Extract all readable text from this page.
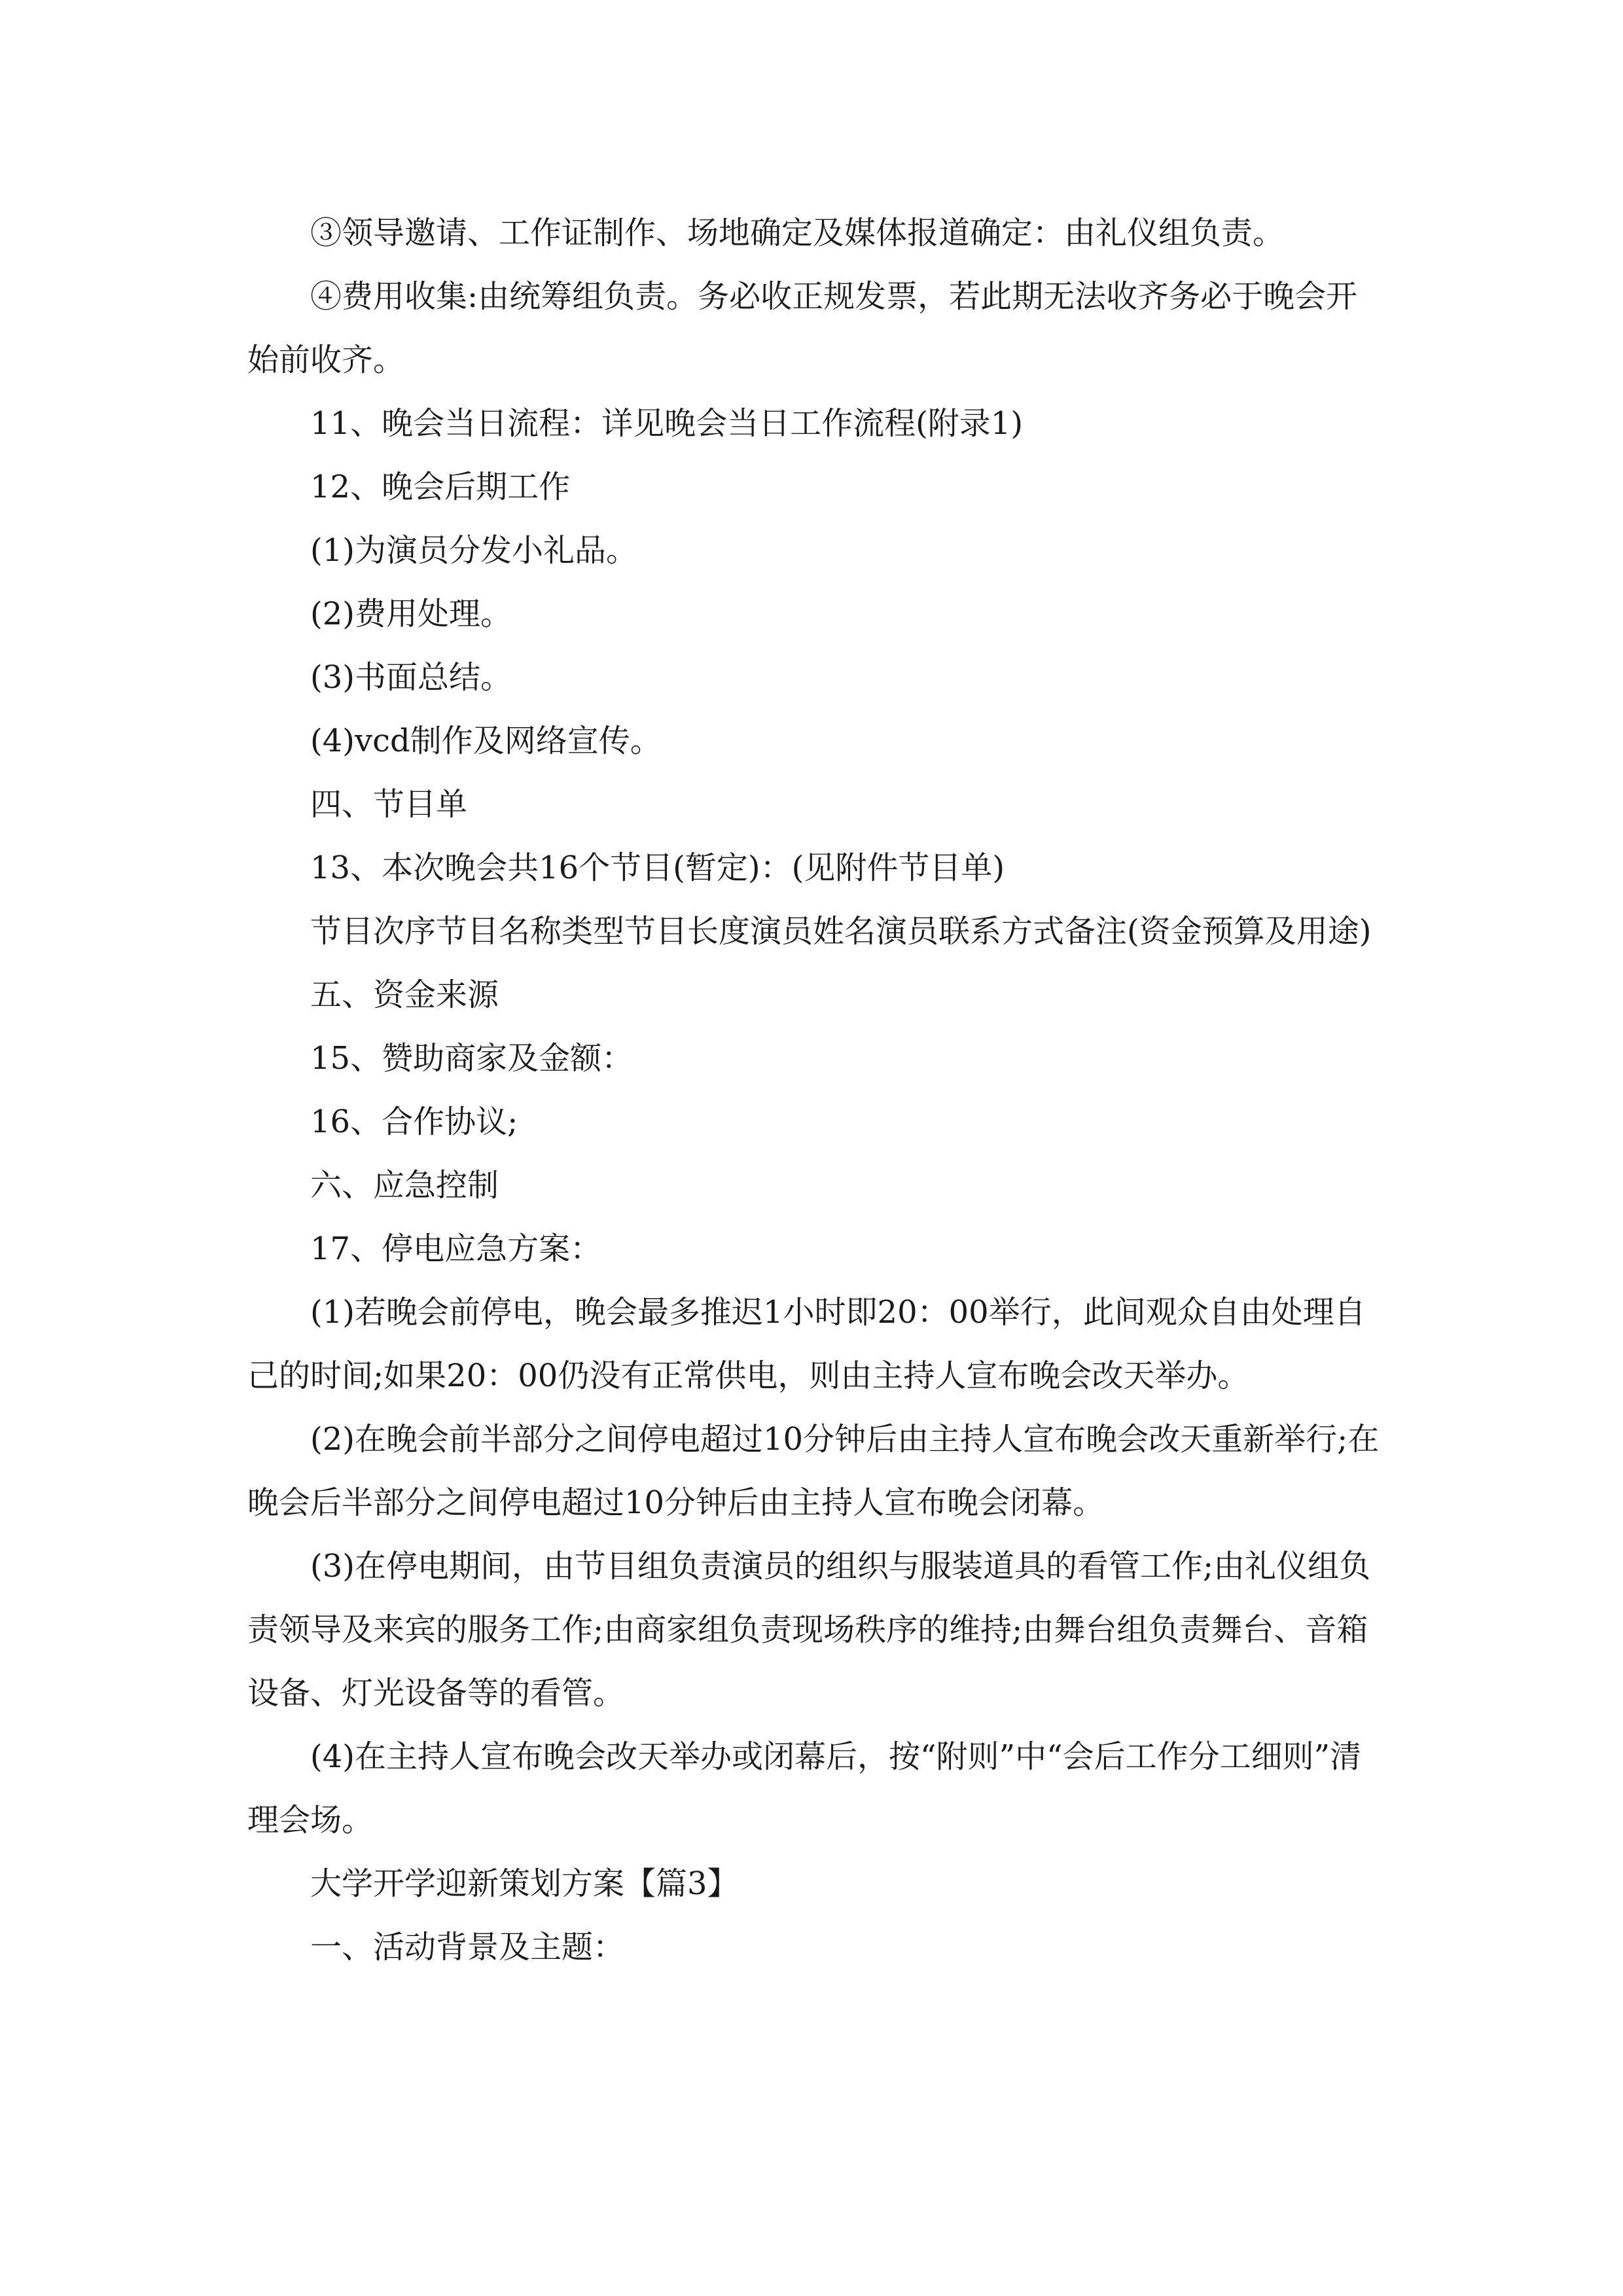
③领导邀请、工作证制作、场地确定及媒体报道确定：由礼仪组负责。

④费用收集:由统筹组负责。务必收正规发票，若此期无法收齐务必于晚会开始前收齐。

11、晚会当日流程：详见晚会当日工作流程(附录1)

12、晚会后期工作

(1)为演员分发小礼品。

(2)费用处理。

(3)书面总结。

(4)vcd制作及网络宣传。

四、节目单

13、本次晚会共16个节目(暂定)：(见附件节目单)

节目次序节目名称类型节目长度演员姓名演员联系方式备注(资金预算及用途)

五、资金来源

15、赞助商家及金额：

16、合作协议;

六、应急控制

17、停电应急方案：

(1)若晚会前停电，晚会最多推迟1小时即20：00举行，此间观众自由处理自己的时间;如果20：00仍没有正常供电，则由主持人宣布晚会改天举办。

(2)在晚会前半部分之间停电超过10分钟后由主持人宣布晚会改天重新举行;在晚会后半部分之间停电超过10分钟后由主持人宣布晚会闭幕。

(3)在停电期间，由节目组负责演员的组织与服装道具的看管工作;由礼仪组负责领导及来宾的服务工作;由商家组负责现场秩序的维持;由舞台组负责舞台、音箱设备、灯光设备等的看管。

(4)在主持人宣布晚会改天举办或闭幕后，按“附则”中“会后工作分工细则”清理会场。

大学开学迎新策划方案【篇3】

一、活动背景及主题：
